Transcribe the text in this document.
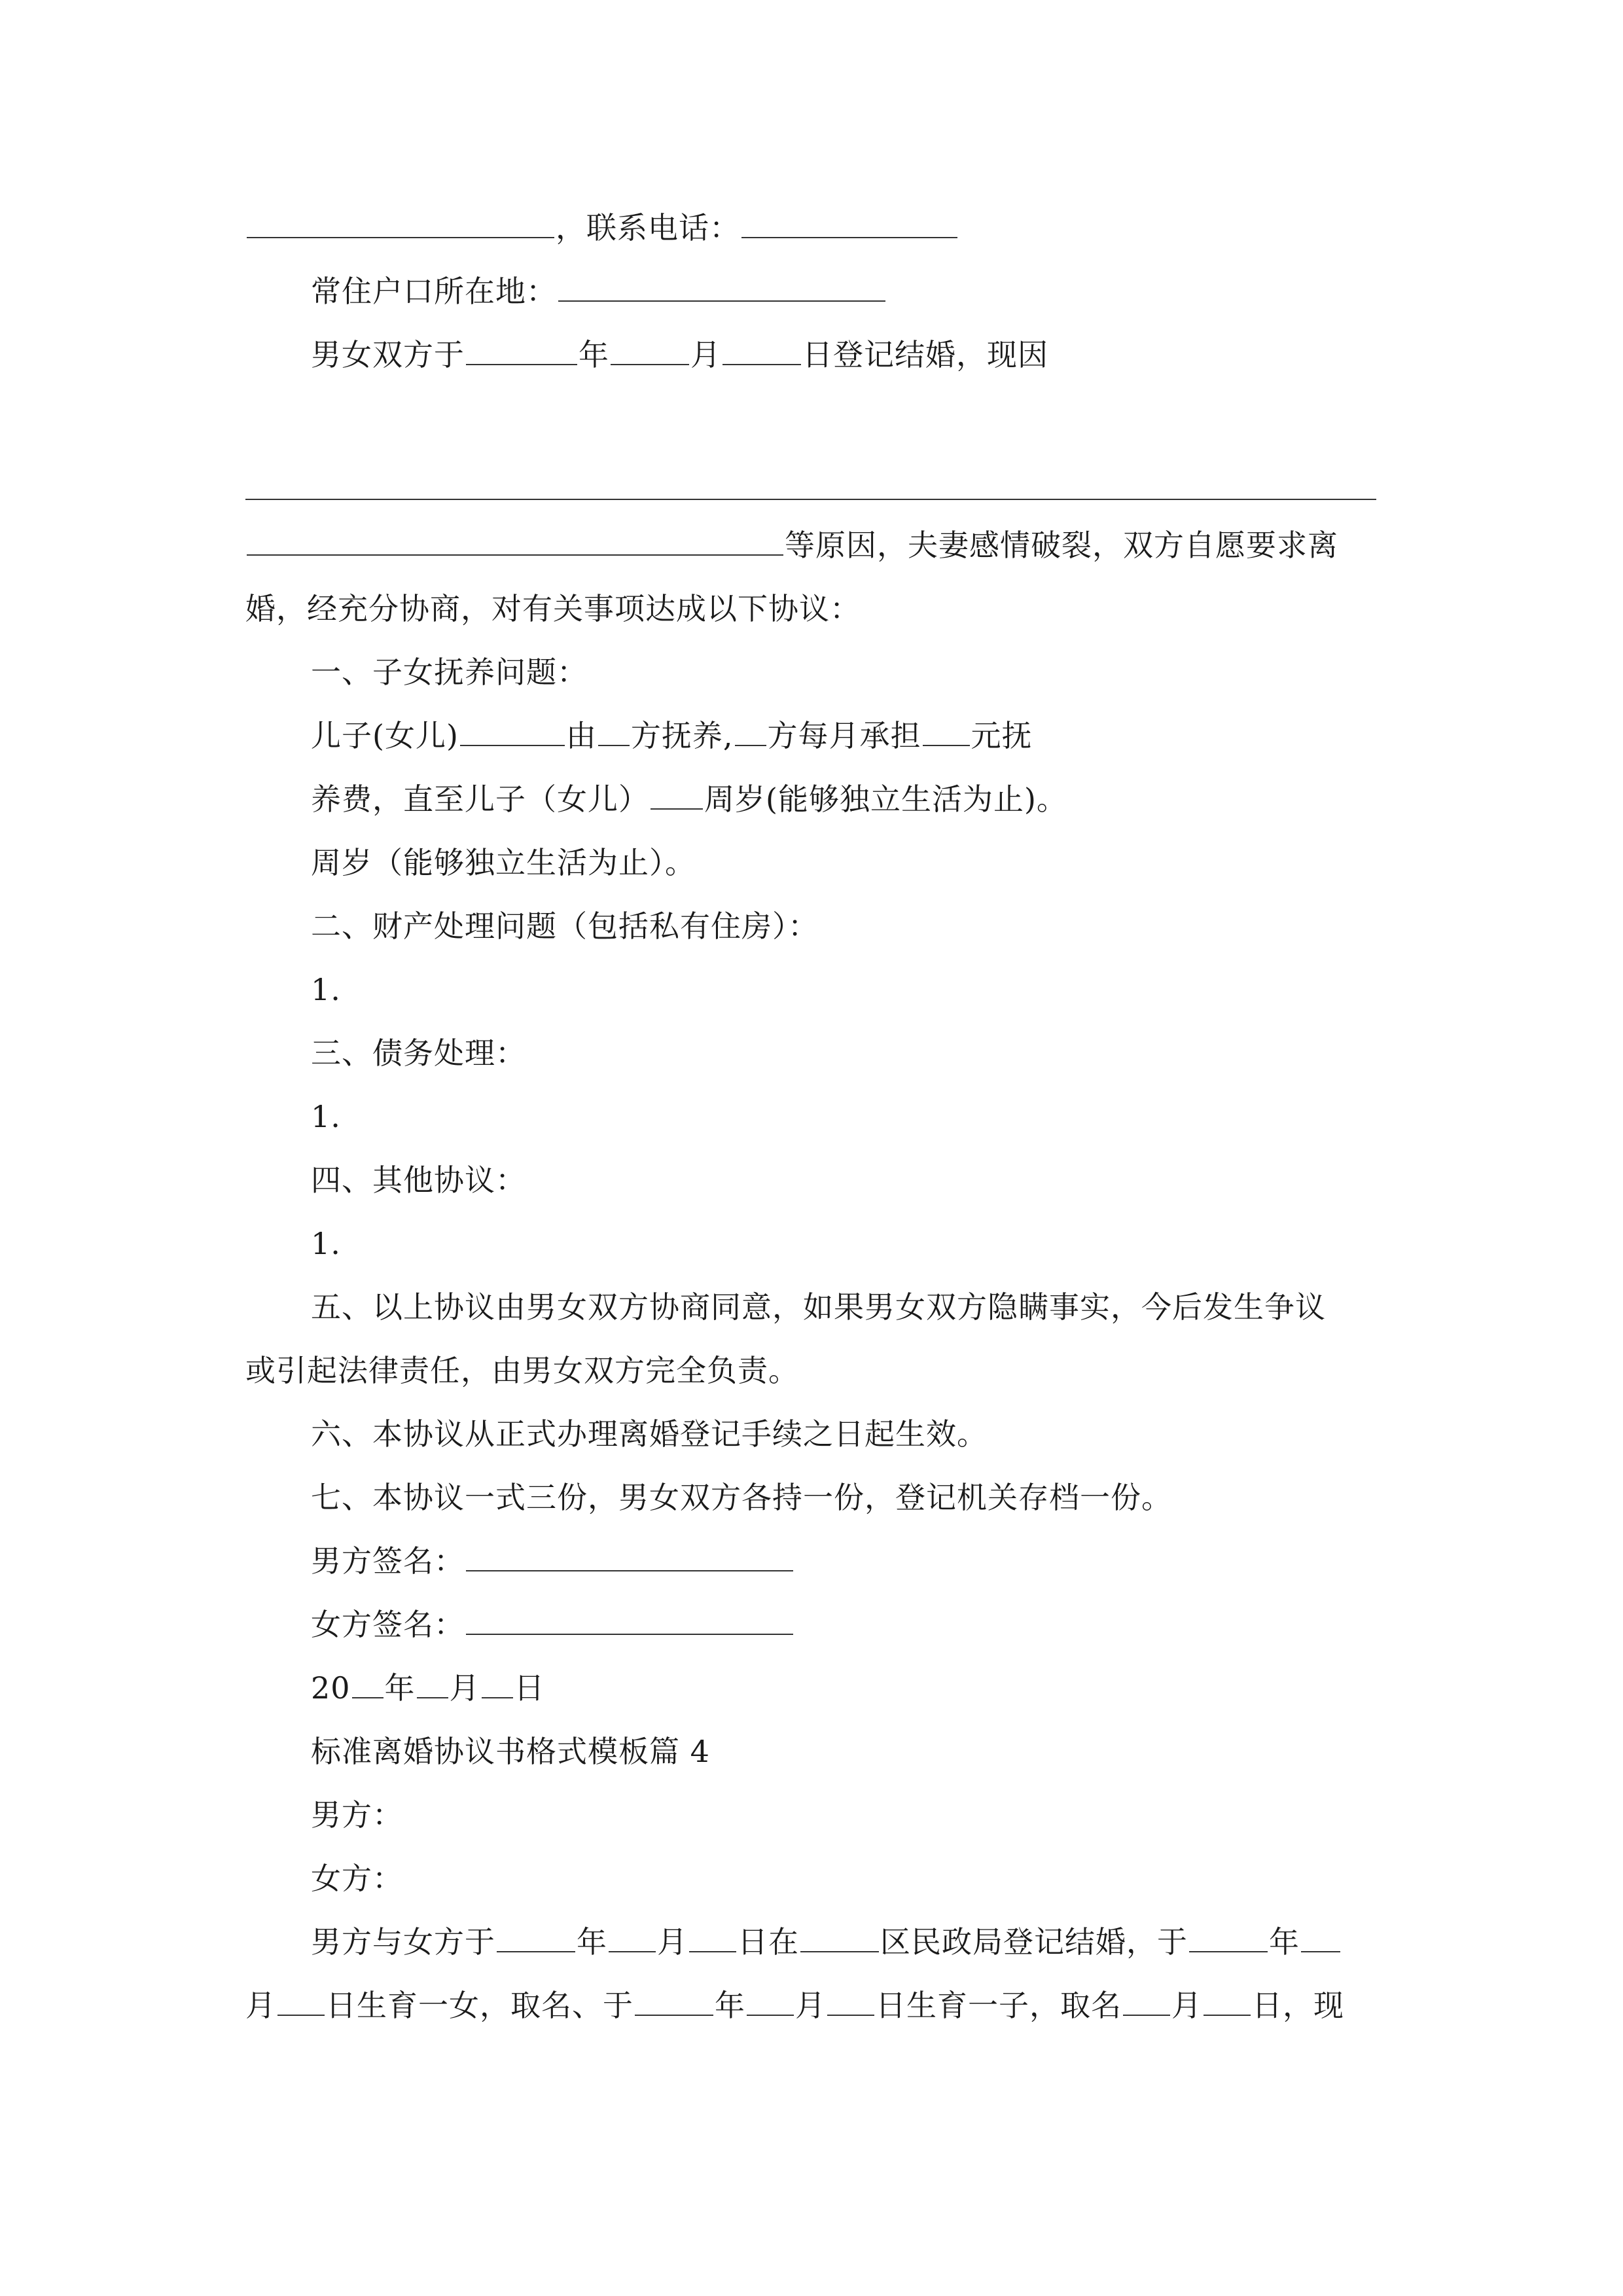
，联系电话：
常住户口所在地：
男女双方于	年	月	日登记结婚，现因
等原因，夫妻感情破裂，双方自愿要求离
婚，经充分协商，对有关事项达成以下协议：
一、子女抚养问题：
儿子(女儿)	由 方抚养, 方每月承担 元抚
养费，直至儿子（女儿） 周岁(能够独立生活为止)。
周岁（能够独立生活为止）。
二、财产处理问题（包括私有住房）：
1.
三、债务处理：
1.
四、其他协议：
1.
五、以上协议由男女双方协商同意，如果男女双方隐瞒事实，今后发生争议
或引起法律责任，由男女双方完全负责。
六、本协议从正式办理离婚登记手续之日起生效。
七、本协议一式三份，男女双方各持一份，登记机关存档一份。
男方签名：
女方签名：
20 年 月 日
标准离婚协议书格式模板篇 4
男方：
女方：
男方与女方于	年 月 日在	区民政局登记结婚，于	年
月 日生育一女，取名、于	年 月 日生育一子，取名 月 日，现
